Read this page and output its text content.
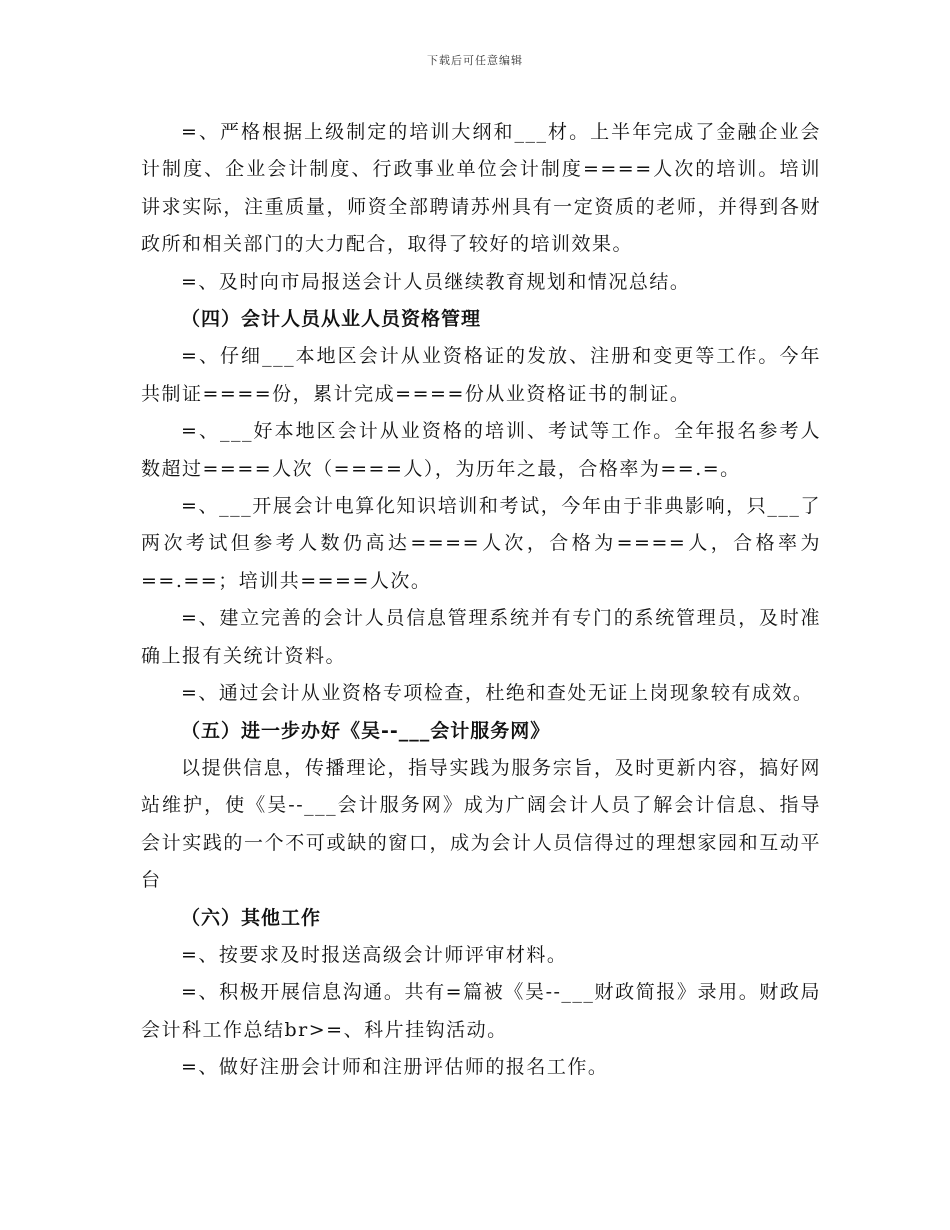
下载后可任意编辑

=、严格根据上级制定的培训大纲和___材。上半年完成了金融企业会计制度、企业会计制度、行政事业单位会计制度====人次的培训。培训讲求实际，注重质量，师资全部聘请苏州具有一定资质的老师，并得到各财政所和相关部门的大力配合，取得了较好的培训效果。

=、及时向市局报送会计人员继续教育规划和情况总结。

（四）会计人员从业人员资格管理

=、仔细___本地区会计从业资格证的发放、注册和变更等工作。今年共制证====份，累计完成====份从业资格证书的制证。

=、___好本地区会计从业资格的培训、考试等工作。全年报名参考人数超过====人次（====人），为历年之最，合格率为==.=。

=、___开展会计电算化知识培训和考试，今年由于非典影响，只___了两次考试但参考人数仍高达====人次，合格为====人，合格率为==.==；培训共====人次。

=、建立完善的会计人员信息管理系统并有专门的系统管理员，及时准确上报有关统计资料。

=、通过会计从业资格专项检查，杜绝和查处无证上岗现象较有成效。

（五）进一步办好《吴--___会计服务网》

以提供信息，传播理论，指导实践为服务宗旨，及时更新内容，搞好网站维护，使《吴--___会计服务网》成为广阔会计人员了解会计信息、指导会计实践的一个不可或缺的窗口，成为会计人员信得过的理想家园和互动平台

（六）其他工作

=、按要求及时报送高级会计师评审材料。

=、积极开展信息沟通。共有=篇被《吴--___财政简报》录用。财政局会计科工作总结br>=、科片挂钩活动。

=、做好注册会计师和注册评估师的报名工作。
